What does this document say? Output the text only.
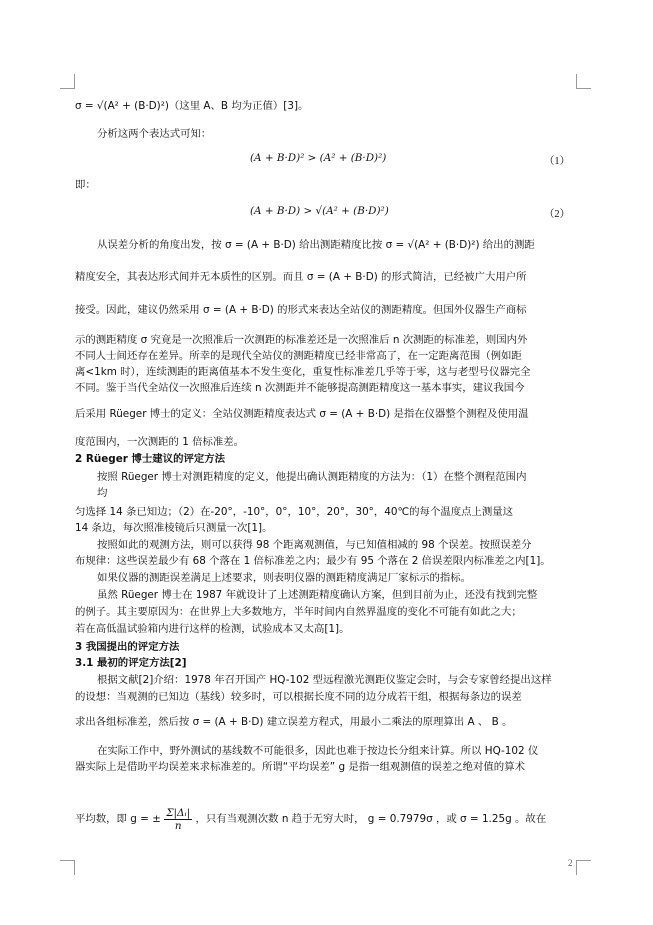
σ = √(A² + (B·D)²)（这里 A、B 均为正值）[3]。
分析这两个表达式可知：
(A + B·D)² > (A² + (B·D)²)	（1）
即：
(A + B·D) > √(A² + (B·D)²)	（2）
从误差分析的角度出发，按 σ = (A + B·D) 给出测距精度比按 σ = √(A² + (B·D)²) 给出的测距
精度安全，其表达形式间并无本质性的区别。而且 σ = (A + B·D) 的形式简洁，已经被广大用户所
接受。因此，建议仍然采用 σ = (A + B·D) 的形式来表达全站仪的测距精度。但国外仪器生产商标
示的测距精度 σ 究竟是一次照准后一次测距的标准差还是一次照准后 n 次测距的标准差，则国内外
不同人士间还存在差异。所幸的是现代全站仪的测距精度已经非常高了，在一定距离范围（例如距
离<1km 时），连续测距的距离值基本不发生变化，重复性标准差几乎等于零，这与老型号仪器完全
不同。鉴于当代全站仪一次照准后连续 n 次测距并不能够提高测距精度这一基本事实，建议我国今
后采用 Rüeger 博士的定义：全站仪测距精度表达式 σ = (A + B·D) 是指在仪器整个测程及使用温
度范围内，一次测距的 1 倍标准差。
2 Rüeger 博士建议的评定方法
按照 Rüeger 博士对测距精度的定义，他提出确认测距精度的方法为：（1）在整个测程范围内
均
匀选择 14 条已知边；（2）在-20°，-10°，0°，10°，20°，30°，40℃的每个温度点上测量这
14 条边，每次照准棱镜后只测量一次[1]。
按照如此的观测方法，则可以获得 98 个距离观测值，与已知值相减的 98 个误差。按照误差分
布规律：这些误差最少有 68 个落在 1 倍标准差之内；最少有 95 个落在 2 倍误差限内标准差之内[1]。
如果仪器的测距误差满足上述要求，则表明仪器的测距精度满足厂家标示的指标。
虽然 Rüeger 博士在 1987 年就设计了上述测距精度确认方案，但到目前为止，还没有找到完整
的例子。其主要原因为：在世界上大多数地方，半年时间内自然界温度的变化不可能有如此之大；
若在高低温试验箱内进行这样的检测，试验成本又太高[1]。
3 我国提出的评定方法
3.1 最初的评定方法[2]
根据文献[2]介绍：1978 年召开国产 HQ-102 型远程激光测距仪鉴定会时，与会专家曾经提出这样
的设想：当观测的已知边（基线）较多时，可以根据长度不同的边分成若干组，根据每条边的误差
求出各组标准差，然后按 σ = (A + B·D) 建立误差方程式，用最小二乘法的原理算出 A 、 B 。
在实际工作中，野外测试的基线数不可能很多，因此也难于按边长分组来计算。所以 HQ-102 仪
器实际上是借助平均误差来求标准差的。所谓“平均误差” g 是指一组观测值的误差之绝对值的算术
平均数，即 g = ± $\frac{\text{Σ|Δᵢ|}}{n}$ ，只有当观测次数 n 趋于无穷大时， g = 0.7979σ ，或 σ = 1.25g 。故在
2
